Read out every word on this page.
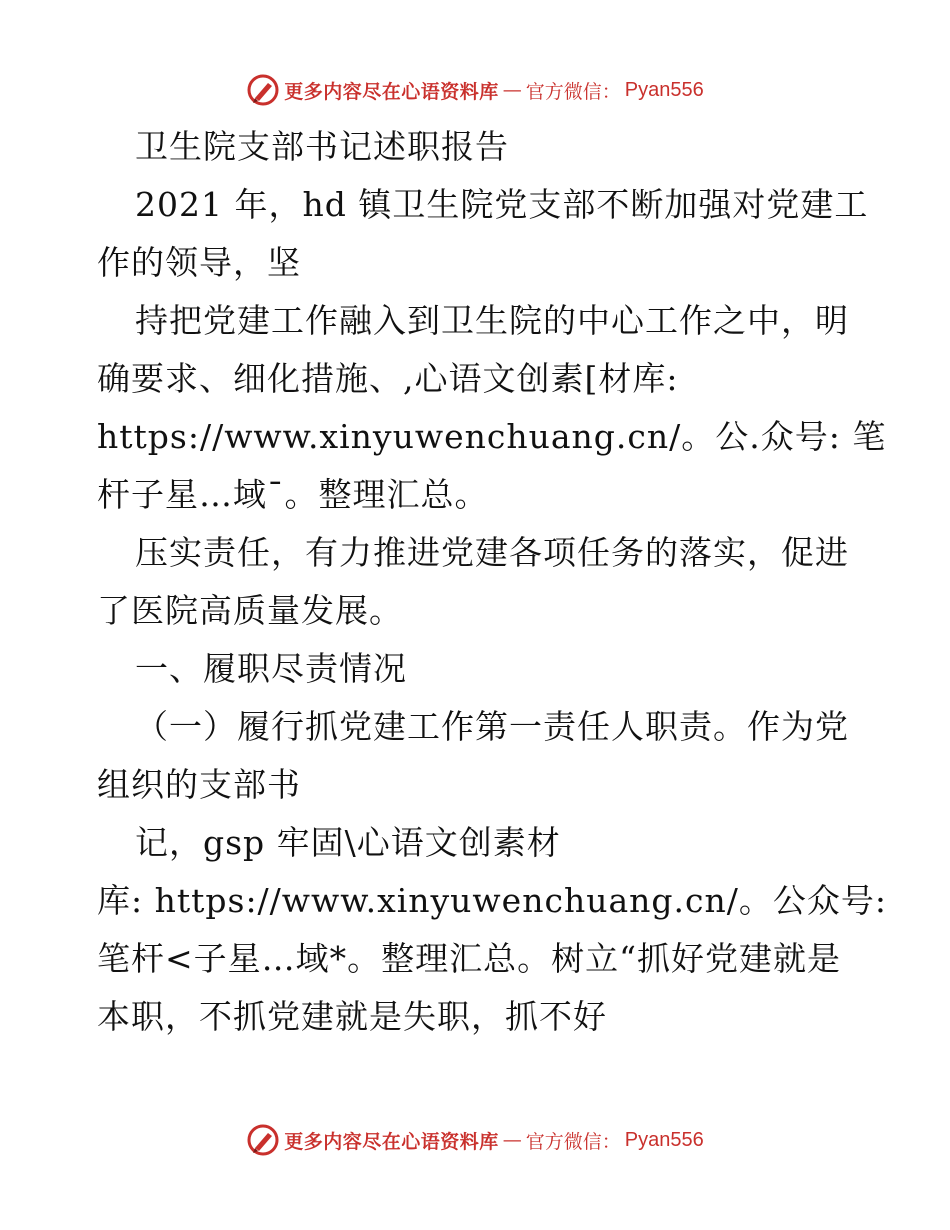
更多内容尽在心语资料库 — 官方微信： Pyan556
卫生院支部书记述职报告
2021 年，hd 镇卫生院党支部不断加强对党建工
作的领导，坚
持把党建工作融入到卫生院的中心工作之中，明
确要求、细化措施、,心语文创素[材库:
https://www.xinyuwenchuang.cn/。公.众号: 笔
杆子星…域¯。整理汇总。
压实责任，有力推进党建各项任务的落实，促进
了医院高质量发展。
一、履职尽责情况
（一）履行抓党建工作第一责任人职责。作为党
组织的支部书
记，gsp 牢固\心语文创素材
库: https://www.xinyuwenchuang.cn/。公众号:
笔杆<子星…域*。整理汇总。树立“抓好党建就是
本职，不抓党建就是失职，抓不好
更多内容尽在心语资料库 — 官方微信： Pyan556
